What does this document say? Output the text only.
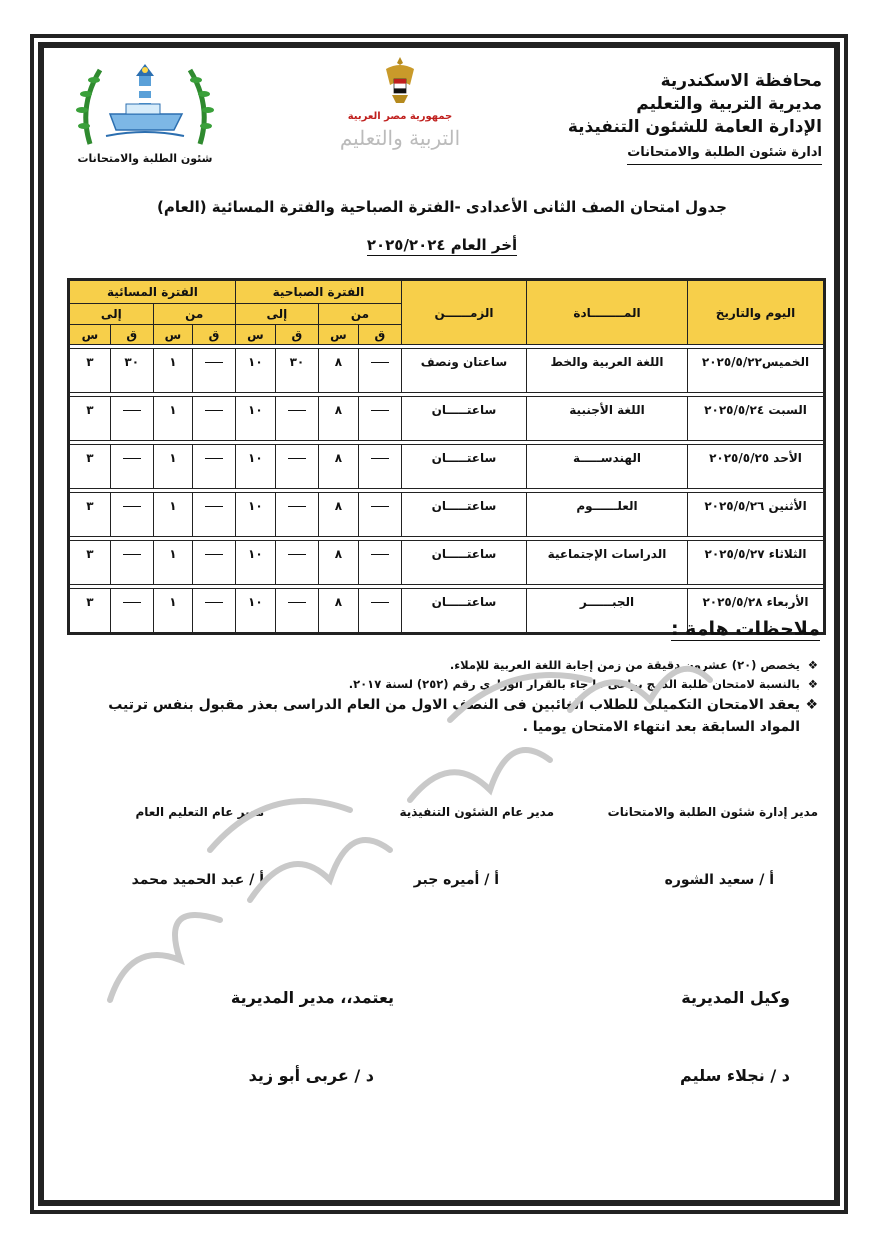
محافظة الاسكندرية
مديرية التربية والتعليم
الإدارة العامة للشئون التنفيذية
ادارة شئون الطلبة والامتحانات
جمهورية مصر العربية
التربية والتعليم
شئون الطلبة والامتحانات
جدول امتحان الصف الثانى الأعدادى -الفترة الصباحية والفترة المسائية (العام)
أخر العام ٢٠٢٥/٢٠٢٤
اليوم والتاريخ	المــــــــادة	الزمــــــن	الفترة الصباحية				الفترة المسائية			
			من		إلى		من		إلى	
			ق	س	ق	س	ق	س	ق	س

الخميس٢٠٢٥/٥/٢٢	اللغة العربية والخط	ساعتان ونصف		٨	٣٠	١٠		١	٣٠	٣

السبت ٢٠٢٥/٥/٢٤	اللغة الأجنبية	ساعتـــــان		٨		١٠		١		٣

الأحد ٢٠٢٥/٥/٢٥	الهندســـــة	ساعتـــــان		٨		١٠		١		٣

الأثنين ٢٠٢٥/٥/٢٦	العلــــــوم	ساعتـــــان		٨		١٠		١		٣

الثلاثاء ٢٠٢٥/٥/٢٧	الدراسات الإجتماعية	ساعتـــــان		٨		١٠		١		٣

الأربعاء ٢٠٢٥/٥/٢٨	الجبــــــر	ساعتـــــان		٨		١٠		١		٣
ملاحظات هامة :
❖يخصص (٢٠) عشرون دقيقة من زمن إجابة اللغة العربية للإملاء.
❖بالنسبة لامتحان طلبة الدمج يراعى ما جاء بالقرار الوزارى رقم (٢٥٢) لسنة ٢٠١٧.
❖يعقد الامتحان التكميلى للطلاب الغائبين فى النصف الاول من العام الدراسى بعذر مقبول بنفس ترتيب
المواد السابقة بعد انتهاء الامتحان يوميا .
مدير إدارة شئون الطلبة والامتحانات
مدير عام الشئون التنفيذية
مدير عام التعليم العام
أ / سعيد الشوره
أ / أميره جبر
أ / عبد الحميد محمد
وكيل المديرية
يعتمد،، مدير المديرية
د / نجلاء سليم
د / عربى أبو زيد
